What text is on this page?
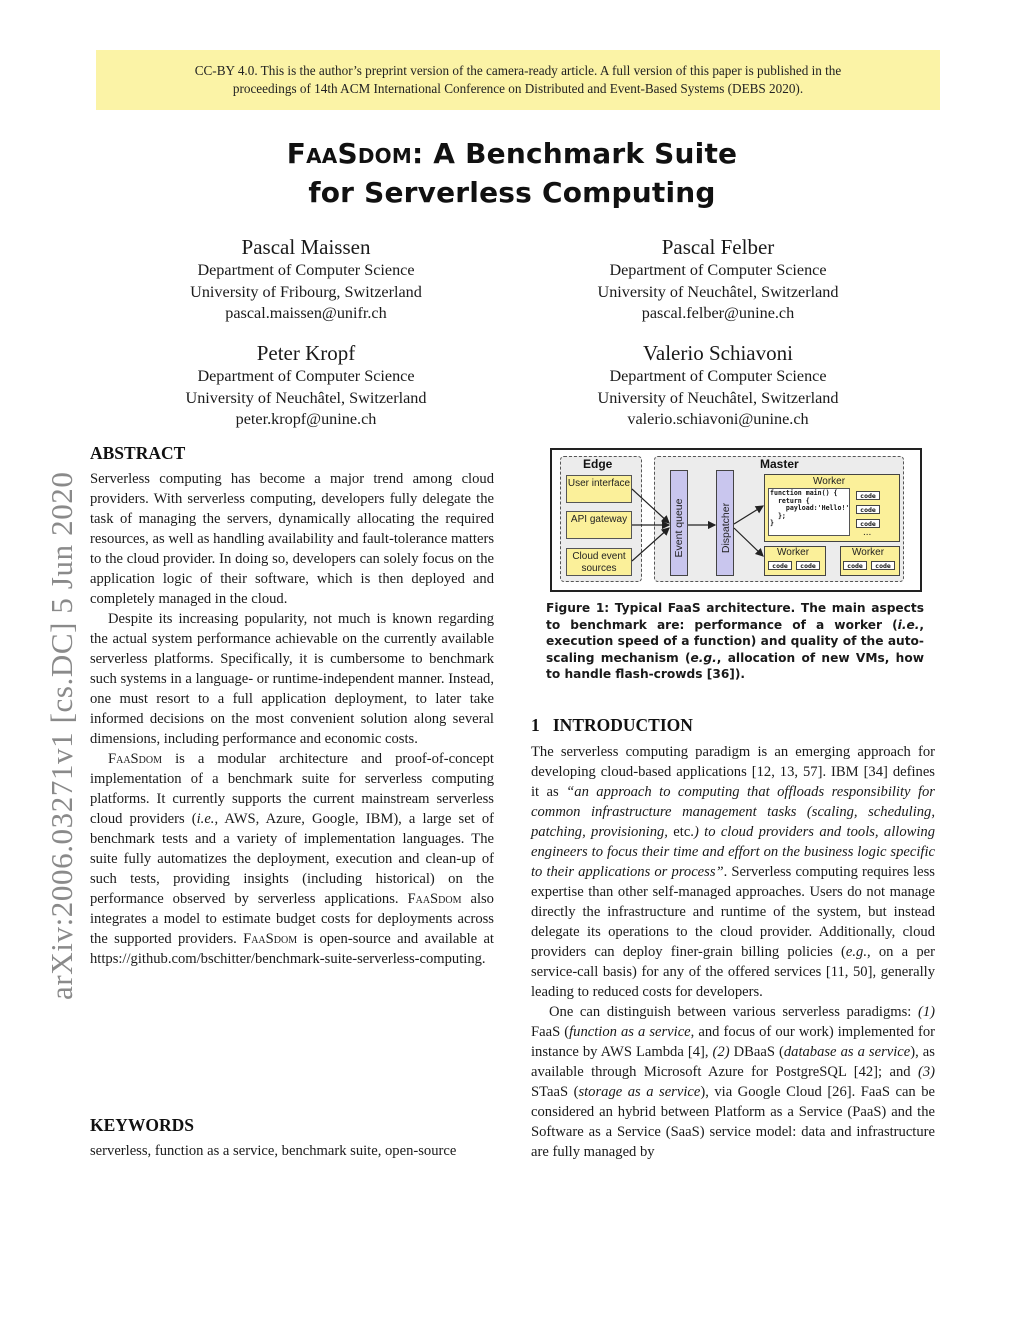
CC-BY 4.0. This is the author’s preprint version of the camera-ready article. A full version of this paper is published in the
proceedings of 14th ACM International Conference on Distributed and Event-Based Systems (DEBS 2020).
FaaSdom: A Benchmark Suite
for Serverless Computing
Pascal Maissen
Department of Computer Science
University of Fribourg, Switzerland
pascal.maissen@unifr.ch
Pascal Felber
Department of Computer Science
University of Neuchâtel, Switzerland
pascal.felber@unine.ch
Peter Kropf
Department of Computer Science
University of Neuchâtel, Switzerland
peter.kropf@unine.ch
Valerio Schiavoni
Department of Computer Science
University of Neuchâtel, Switzerland
valerio.schiavoni@unine.ch
arXiv:2006.03271v1 [cs.DC] 5 Jun 2020
ABSTRACT

Serverless computing has become a major trend among cloud providers. With serverless computing, developers fully delegate the task of managing the servers, dynamically allocating the required resources, as well as handling availability and fault-tolerance matters to the cloud provider. In doing so, developers can solely focus on the application logic of their software, which is then deployed and completely managed in the cloud.

Despite its increasing popularity, not much is known regarding the actual system performance achievable on the currently available serverless platforms. Specifically, it is cumbersome to benchmark such systems in a language- or runtime-independent manner. Instead, one must resort to a full application deployment, to later take informed decisions on the most convenient solution along several dimensions, including performance and economic costs.

FaaSdom is a modular architecture and proof-of-concept implementation of a benchmark suite for serverless computing platforms. It currently supports the current mainstream serverless cloud providers (i.e., AWS, Azure, Google, IBM), a large set of benchmark tests and a variety of implementation languages. The suite fully automatizes the deployment, execution and clean-up of such tests, providing insights (including historical) on the performance observed by serverless applications. FaaSdom also integrates a model to estimate budget costs for deployments across the supported providers. FaaSdom is open-source and available at https://github.com/bschitter/benchmark-suite-serverless-computing.

KEYWORDS

serverless, function as a service, benchmark suite, open-source

Edge
User interface
API gateway
Cloud event sources
Master
Event queue	Dispatcher
Worker
function main() {
return {
payload:'Hello!'
};
}
code
code
code
...
Worker
code	code
Worker
code	code
Figure 1: Typical FaaS architecture. The main aspects to benchmark are: performance of a worker (i.e., execution speed of a function) and quality of the auto-scaling mechanism (e.g., allocation of new VMs, how to handle flash-crowds [36]).
1   INTRODUCTION

The serverless computing paradigm is an emerging approach for developing cloud-based applications [12, 13, 57]. IBM [34] defines it as “an approach to computing that offloads responsibility for common infrastructure management tasks (scaling, scheduling, patching, provisioning, etc.) to cloud providers and tools, allowing engineers to focus their time and effort on the business logic specific to their applications or process”. Serverless computing requires less expertise than other self-managed approaches. Users do not manage directly the infrastructure and runtime of the system, but instead delegate its operations to the cloud provider. Additionally, cloud providers can deploy finer-grain billing policies (e.g., on a per service-call basis) for any of the offered services [11, 50], generally leading to reduced costs for developers.

One can distinguish between various serverless paradigms: (1) FaaS (function as a service, and focus of our work) implemented for instance by AWS Lambda [4], (2) DBaaS (database as a service), as available through Microsoft Azure for PostgreSQL [42]; and (3) STaaS (storage as a service), via Google Cloud [26]. FaaS can be considered an hybrid between Platform as a Service (PaaS) and the Software as a Service (SaaS) service model: data and infrastructure are fully managed by
